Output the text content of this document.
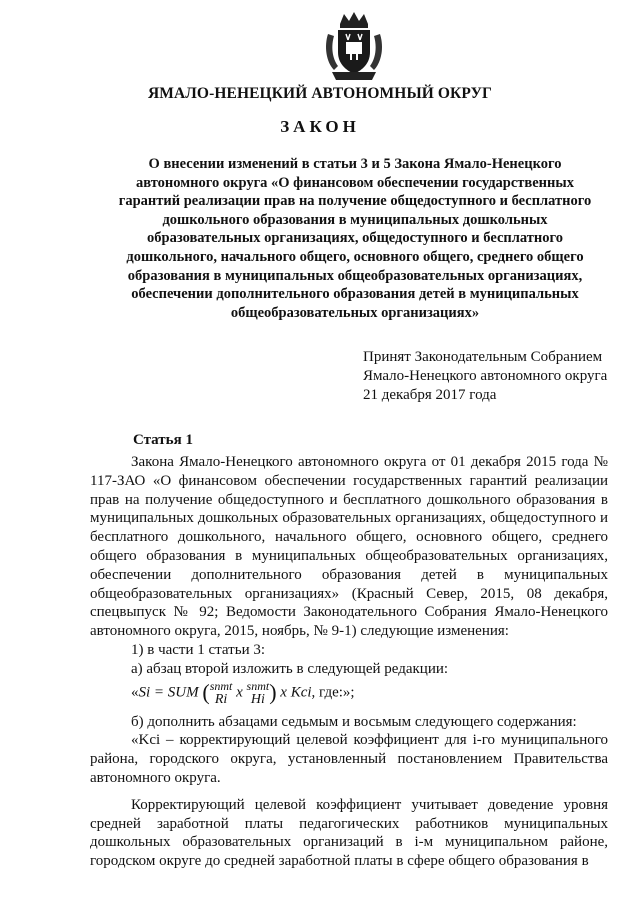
ЯМАЛО-НЕНЕЦКИЙ АВТОНОМНЫЙ ОКРУГ
ЗАКОН
О внесении изменений в статьи 3 и 5 Закона Ямало-Ненецкого
автономного округа «О финансовом обеспечении государственных
гарантий реализации прав на получение общедоступного и бесплатного
дошкольного образования в муниципальных дошкольных
образовательных организациях, общедоступного и бесплатного
дошкольного, начального общего, основного общего, среднего общего
образования в муниципальных общеобразовательных организациях,
обеспечении дополнительного образования детей в муниципальных
общеобразовательных организациях»
Принят Законодательным Собранием
Ямало-Ненецкого автономного округа
21 декабря 2017 года
Статья 1

Закона Ямало-Ненецкого автономного округа от 01 декабря 2015 года № 117-ЗАО «О финансовом обеспечении государственных гарантий реализации прав на получение общедоступного и бесплатного дошкольного образования в муниципальных дошкольных образовательных организациях, общедоступного и бесплатного дошкольного, начального общего, основного общего, среднего общего образования в муниципальных общеобразовательных организациях, обеспечении дополнительного образования детей в муниципальных общеобразовательных организациях» (Красный Север, 2015, 08 декабря, спецвыпуск № 92; Ведомости Законодательного Собрания Ямало-Ненецкого автономного округа, 2015, ноябрь, № 9-1) следующие изменения:

1) в части 1 статьи 3:

а) абзац второй изложить в следующей редакции:

«Si = SUM ( snmt
Ri x snmt
Hi ) x Kci, где:»;

б) дополнить абзацами седьмым и восьмым следующего содержания:

«Kci – корректирующий целевой коэффициент для i-го муниципального района, городского округа, установленный постановлением Правительства автономного округа.

Корректирующий целевой коэффициент учитывает доведение уровня средней заработной платы педагогических работников муниципальных дошкольных образовательных организаций в i-м муниципальном районе, городском округе до средней заработной платы в сфере общего образования в
